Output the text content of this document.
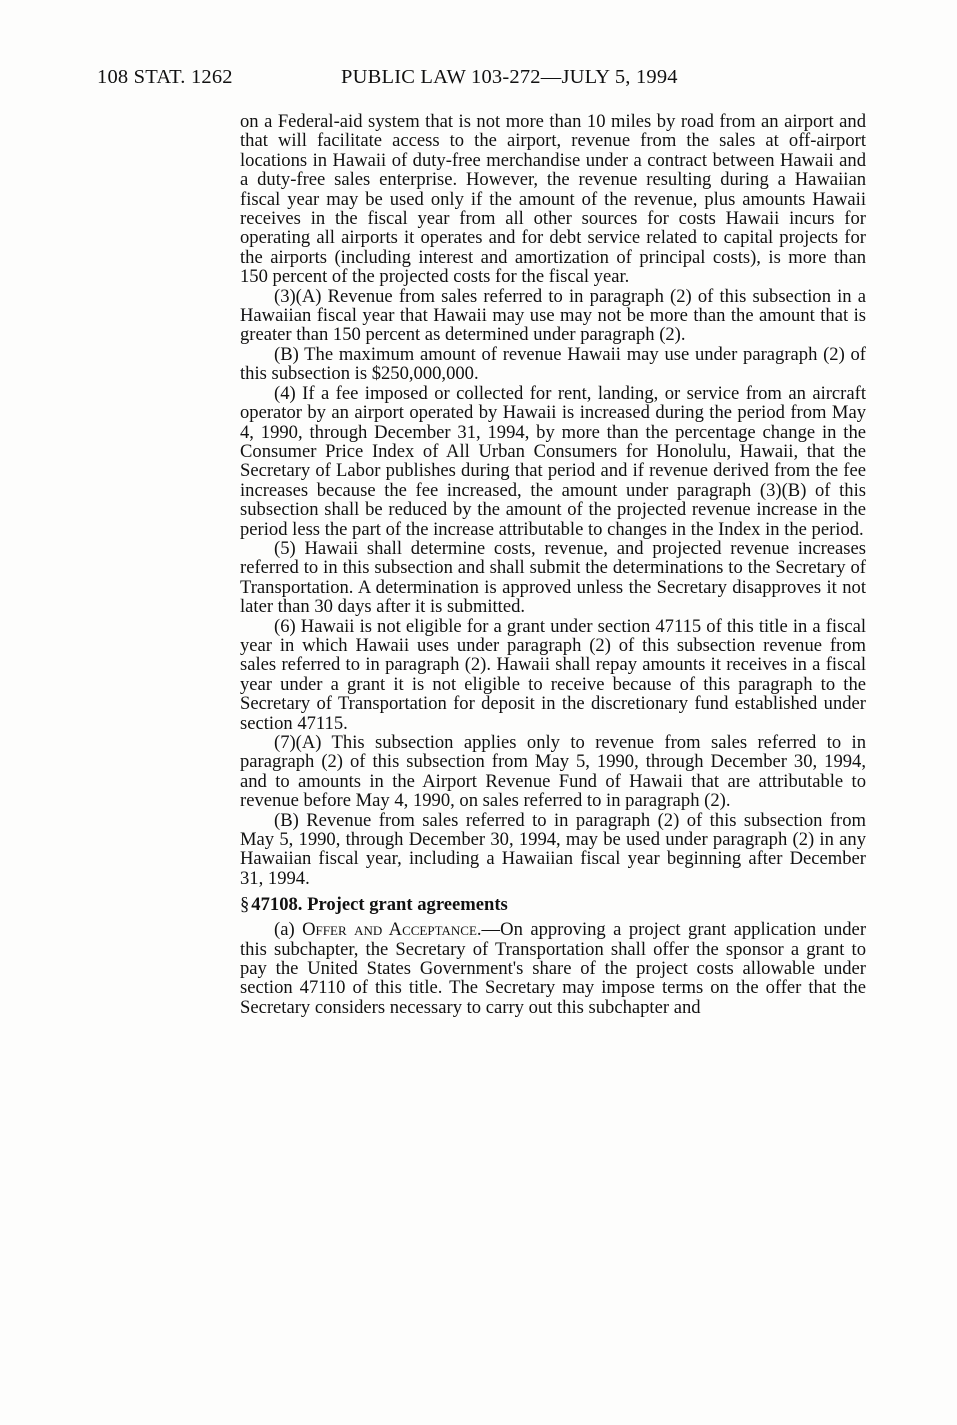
108 STAT. 1262	PUBLIC LAW 103-272—JULY 5, 1994

on a Federal-aid system that is not more than 10 miles by road from an airport and that will facilitate access to the airport, revenue from the sales at off-airport locations in Hawaii of duty-free merchandise under a contract between Hawaii and a duty-free sales enterprise. However, the revenue resulting during a Hawaiian fiscal year may be used only if the amount of the revenue, plus amounts Hawaii receives in the fiscal year from all other sources for costs Hawaii incurs for operating all airports it operates and for debt service related to capital projects for the airports (including interest and amortization of principal costs), is more than 150 percent of the projected costs for the fiscal year.

(3)(A) Revenue from sales referred to in paragraph (2) of this subsection in a Hawaiian fiscal year that Hawaii may use may not be more than the amount that is greater than 150 percent as determined under paragraph (2).

(B) The maximum amount of revenue Hawaii may use under paragraph (2) of this subsection is $250,000,000.

(4) If a fee imposed or collected for rent, landing, or service from an aircraft operator by an airport operated by Hawaii is increased during the period from May 4, 1990, through December 31, 1994, by more than the percentage change in the Consumer Price Index of All Urban Consumers for Honolulu, Hawaii, that the Secretary of Labor publishes during that period and if revenue derived from the fee increases because the fee increased, the amount under paragraph (3)(B) of this subsection shall be reduced by the amount of the projected revenue increase in the period less the part of the increase attributable to changes in the Index in the period.

(5) Hawaii shall determine costs, revenue, and projected revenue increases referred to in this subsection and shall submit the determinations to the Secretary of Transportation. A determination is approved unless the Secretary disapproves it not later than 30 days after it is submitted.

(6) Hawaii is not eligible for a grant under section 47115 of this title in a fiscal year in which Hawaii uses under paragraph (2) of this subsection revenue from sales referred to in paragraph (2). Hawaii shall repay amounts it receives in a fiscal year under a grant it is not eligible to receive because of this paragraph to the Secretary of Transportation for deposit in the discretionary fund established under section 47115.

(7)(A) This subsection applies only to revenue from sales referred to in paragraph (2) of this subsection from May 5, 1990, through December 30, 1994, and to amounts in the Airport Revenue Fund of Hawaii that are attributable to revenue before May 4, 1990, on sales referred to in paragraph (2).

(B) Revenue from sales referred to in paragraph (2) of this subsection from May 5, 1990, through December 30, 1994, may be used under paragraph (2) in any Hawaiian fiscal year, including a Hawaiian fiscal year beginning after December 31, 1994.

§ 47108. Project grant agreements

(a) Offer and Acceptance.—On approving a project grant application under this subchapter, the Secretary of Transportation shall offer the sponsor a grant to pay the United States Government's share of the project costs allowable under section 47110 of this title. The Secretary may impose terms on the offer that the Secretary considers necessary to carry out this subchapter and
